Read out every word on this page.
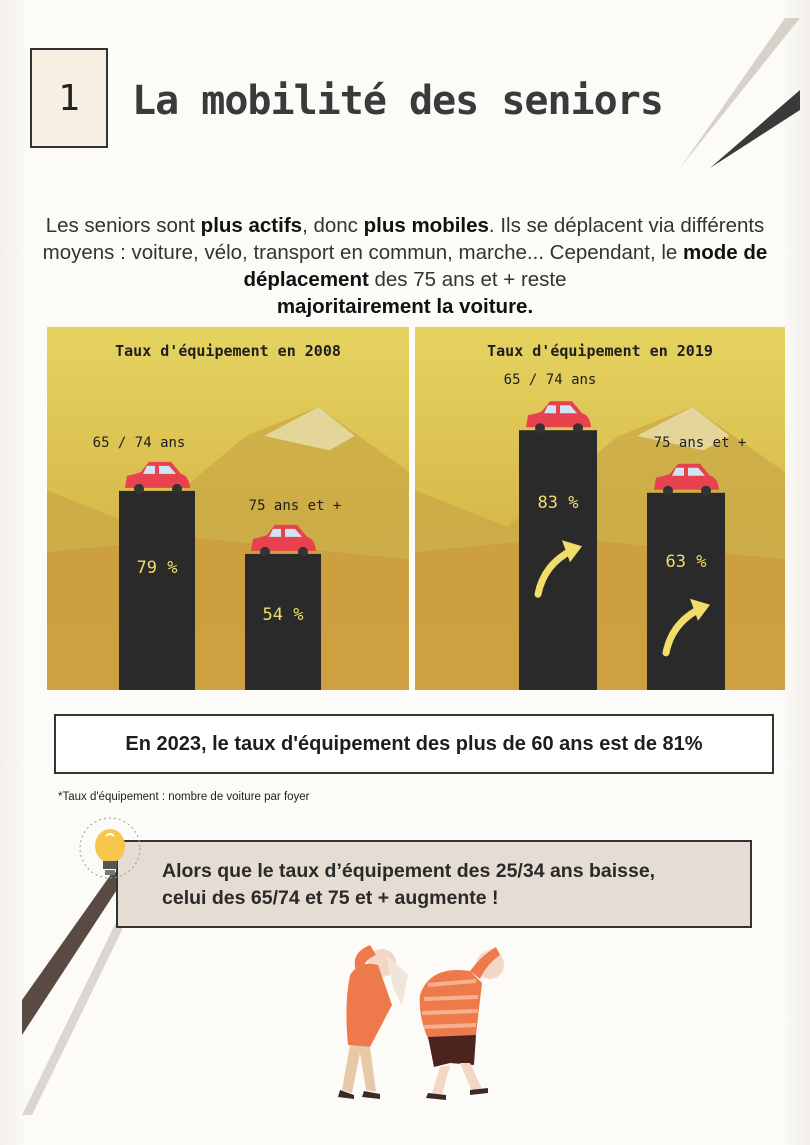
1	La mobilité des seniors
Les seniors sont plus actifs, donc plus mobiles. Ils se déplacent via différents moyens : voiture, vélo, transport en commun, marche... Cependant, le mode de déplacement des 75 ans et + reste
majoritairement la voiture.
Taux d'équipement en 2008
65 / 74 ans
79 %
75 ans et +
54 %
Taux d'équipement en 2019
65 / 74 ans
83 %
75 ans et +
63 %
En 2023, le taux d'équipement des plus de 60 ans est de 81%
*Taux d'équipement : nombre de voiture par foyer
Alors que le taux d’équipement des 25/34 ans baisse,
celui des 65/74 et 75 et + augmente !
